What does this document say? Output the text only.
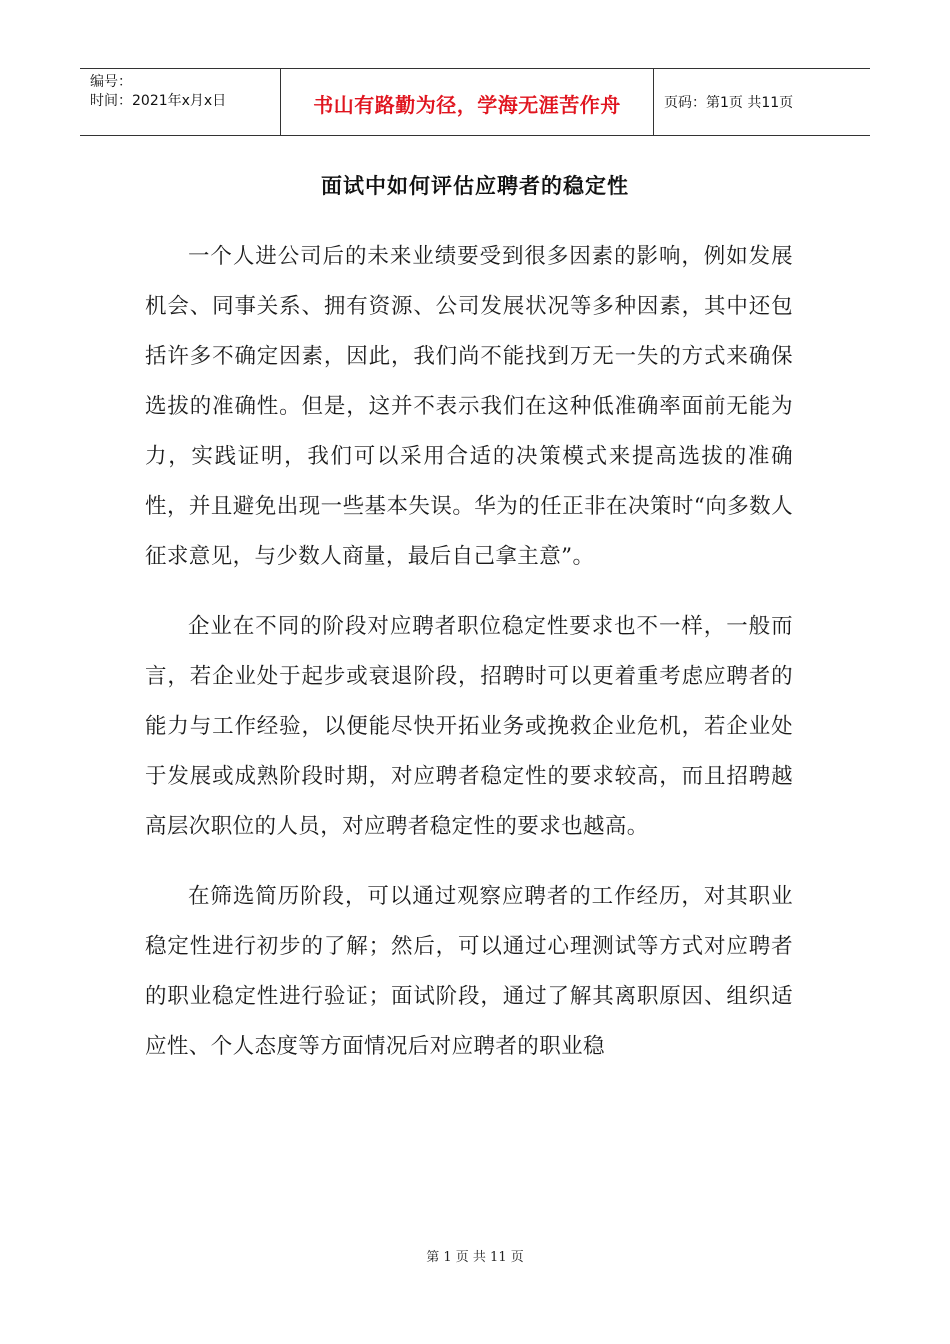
编号：
时间：2021年x月x日	书山有路勤为径，学海无涯苦作舟	页码：第1页 共11页
面试中如何评估应聘者的稳定性

一个人进公司后的未来业绩要受到很多因素的影响，例如发展机会、同事关系、拥有资源、公司发展状况等多种因素，其中还包括许多不确定因素，因此，我们尚不能找到万无一失的方式来确保选拔的准确性。但是，这并不表示我们在这种低准确率面前无能为力，实践证明，我们可以采用合适的决策模式来提高选拔的准确性，并且避免出现一些基本失误。华为的任正非在决策时“向多数人征求意见，与少数人商量，最后自己拿主意”。

企业在不同的阶段对应聘者职位稳定性要求也不一样，一般而言，若企业处于起步或衰退阶段，招聘时可以更着重考虑应聘者的能力与工作经验，以便能尽快开拓业务或挽救企业危机，若企业处于发展或成熟阶段时期，对应聘者稳定性的要求较高，而且招聘越高层次职位的人员，对应聘者稳定性的要求也越高。

在筛选简历阶段，可以通过观察应聘者的工作经历，对其职业稳定性进行初步的了解；然后，可以通过心理测试等方式对应聘者的职业稳定性进行验证；面试阶段，通过了解其离职原因、组织适应性、个人态度等方面情况后对应聘者的职业稳

第 1 页 共 11 页
